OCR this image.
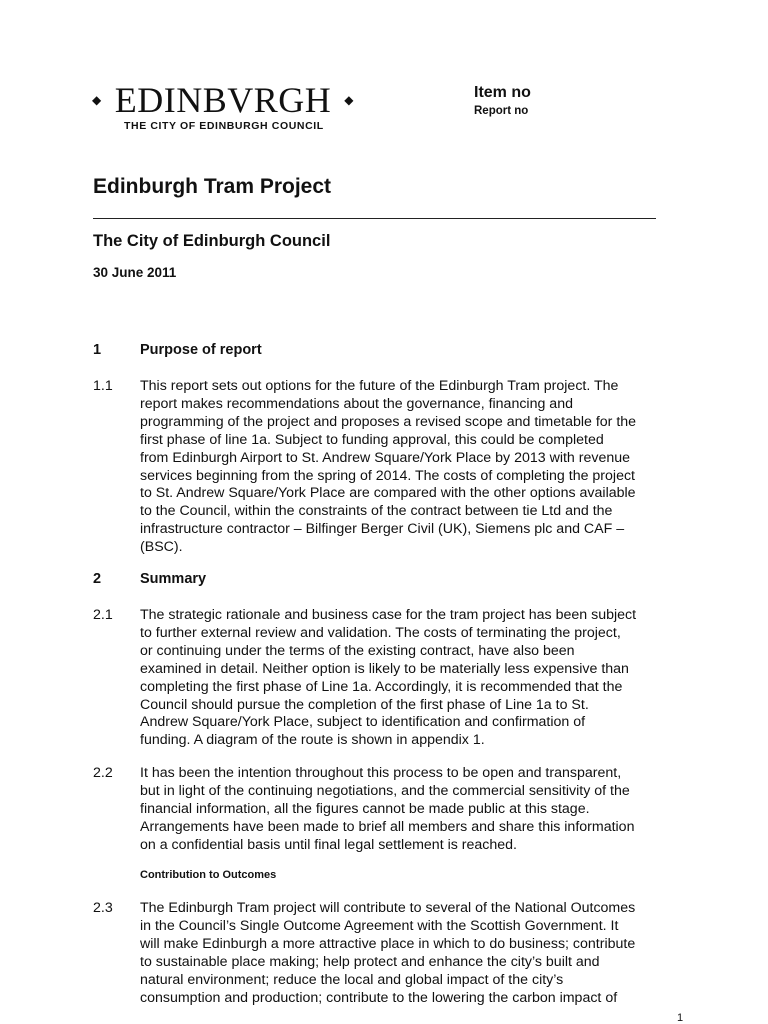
◆ EDINBVRGH ◆
THE CITY OF EDINBURGH COUNCIL
Item no
Report no
Edinburgh Tram Project
The City of Edinburgh Council
30 June 2011
1	Purpose of report
1.1 This report sets out options for the future of the Edinburgh Tram project. The
report makes recommendations about the governance, financing and
programming of the project and proposes a revised scope and timetable for the
first phase of line 1a. Subject to funding approval, this could be completed
from Edinburgh Airport to St. Andrew Square/York Place by 2013 with revenue
services beginning from the spring of 2014. The costs of completing the project
to St. Andrew Square/York Place are compared with the other options available
to the Council, within the constraints of the contract between tie Ltd and the
infrastructure contractor – Bilfinger Berger Civil (UK), Siemens plc and CAF –
(BSC).
2	Summary
2.1 The strategic rationale and business case for the tram project has been subject
to further external review and validation. The costs of terminating the project,
or continuing under the terms of the existing contract, have also been
examined in detail. Neither option is likely to be materially less expensive than
completing the first phase of Line 1a. Accordingly, it is recommended that the
Council should pursue the completion of the first phase of Line 1a to St.
Andrew Square/York Place, subject to identification and confirmation of
funding. A diagram of the route is shown in appendix 1.
2.2 It has been the intention throughout this process to be open and transparent,
but in light of the continuing negotiations, and the commercial sensitivity of the
financial information, all the figures cannot be made public at this stage.
Arrangements have been made to brief all members and share this information
on a confidential basis until final legal settlement is reached.
Contribution to Outcomes
2.3 The Edinburgh Tram project will contribute to several of the National Outcomes
in the Council’s Single Outcome Agreement with the Scottish Government. It
will make Edinburgh a more attractive place in which to do business; contribute
to sustainable place making; help protect and enhance the city’s built and
natural environment; reduce the local and global impact of the city’s
consumption and production; contribute to the lowering the carbon impact of
1
